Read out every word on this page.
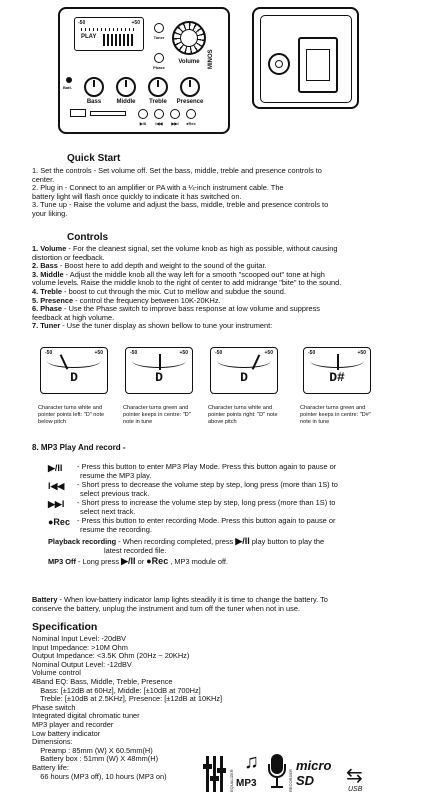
-50	+50
PLAY	Tuner
Phase
Volume	MINOS
Batt.
Bass	Middle	Treble	Presence
▶/II	I◀◀	▶▶I	●Rec
Quick Start
1. Set the controls - Set volume off. Set the bass, middle, treble and presence controls to
center.
2. Plug in - Connect to an amplifier or PA with a ¼-inch instrument cable. The
battery light will flash once quickly to indicate it has switched on.
3. Tune up - Raise the volume and adjust the bass, middle, treble and presence controls to
your liking.
Controls
1. Volume - For the cleanest signal, set the volume knob as high as possible, without causing
distortion or feedback.
2. Bass - Boost here to add depth and weight to the sound of the guitar.
3. Middle - Adjust the middle knob all the way left for a smooth "scooped out" tone at high
volume levels. Raise the middle knob to the right of center to add midrange "bite" to the sound.
4. Treble - boost to cut through the mix. Cut to mellow and subdue the sound.
5. Presence - control the frequency between 10K-20KHz.
6. Phase - Use the Phase switch to improve bass response at low volume and suppress
feedback at high volume.
7. Tuner - Use the tuner display as shown bellow to tune your instrument:
-50	+50
D
-50	+50
D
-50	+50
D
-50	+50
D#
Character turns white and pointer points left: "D" note below pitch
Character turns green and pointer keeps in centre: "D" note in tune
Character turns white and pointer points right: "D" note above pitch
Character turns green and pointer keeps in centre: "D#" note in tune
8. MP3 Play And record -
▶/II - Press this button to enter MP3 Play Mode. Press this button again to pause or
resume the MP3 play.
I◀◀ - Short press to decrease the volume step by step, long press (more than 1S) to
select previous track.
▶▶I - Short press to increase the volume step by step, long press (more than 1S) to
select next track.
●Rec - Press this button to enter recording Mode. Press this button again to pause or
resume the recording.
Playback recording - When recording completed, press ▶/II play button to play the
latest recorded file.
MP3 Off - Long press ▶/II or ●Rec , MP3 module off.
Battery - When low-battery indicator lamp lights steadily it is time to change the battery. To
conserve the battery, unplug the instrument and turn off the tuner when not in use.
Specification
Nominal Input Level: -20dBV
Input Impedance: >10M Ohm
Output Impedance: <3.5K Ohm (20Hz ~ 20KHz)
Nominal Output Level: -12dBV
Volume control
4Band EQ: Bass, Middle, Treble, Presence
Bass: [±12dB at 60Hz], Middle: [±10dB at 700Hz]
Treble: [±10dB at 2.5KHz], Presence: [±12dB at 10KHz]
Phase switch
Integrated digital chromatic tuner
MP3 player and recorder
Low battery indicator
Dimensions:
Preamp : 85mm (W) X 60.5mm(H)
Battery box : 51mm (W) X 48mm(H)
Battery life:
66 hours (MP3 off), 10 hours (MP3 on)	EQUALIZER
♫
MP3	RECORDER
micro SD	⇆
USB
